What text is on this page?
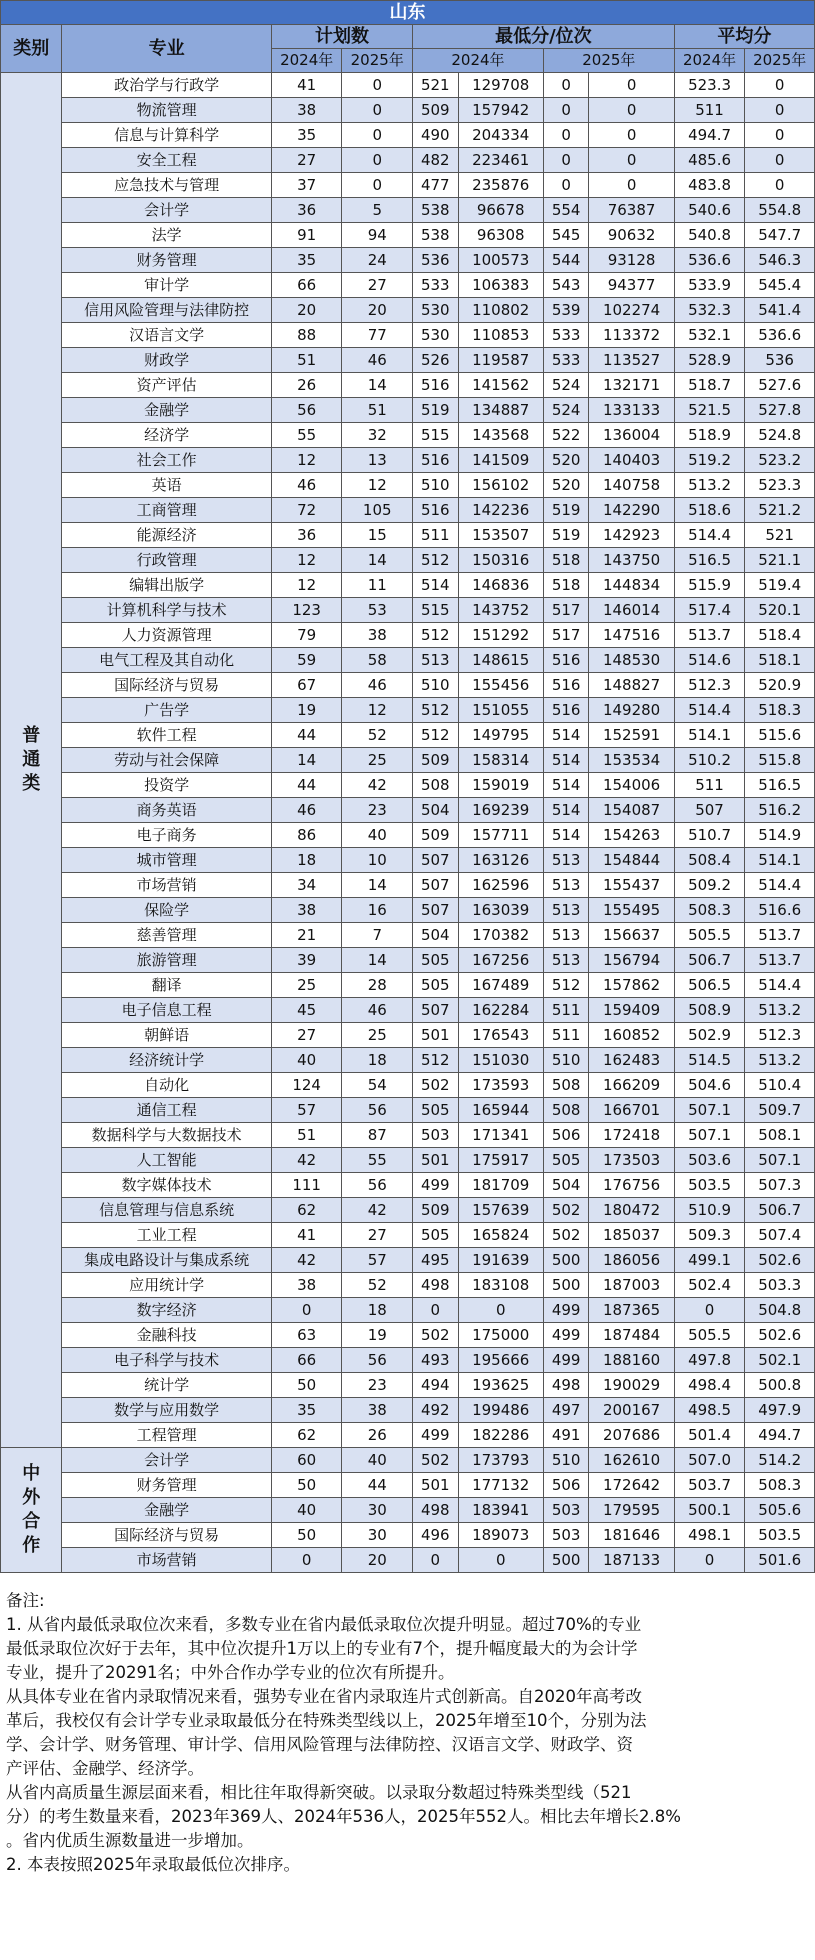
山东									
类别	专业	计划数		最低分/位次				平均分	
		2024年	2025年	2024年		2025年		2024年	2025年

普
通
类	政治学与行政学	41	0	521	129708	0	0	523.3	0
	物流管理	38	0	509	157942	0	0	511	0
	信息与计算科学	35	0	490	204334	0	0	494.7	0
	安全工程	27	0	482	223461	0	0	485.6	0
	应急技术与管理	37	0	477	235876	0	0	483.8	0
	会计学	36	5	538	96678	554	76387	540.6	554.8
	法学	91	94	538	96308	545	90632	540.8	547.7
	财务管理	35	24	536	100573	544	93128	536.6	546.3
	审计学	66	27	533	106383	543	94377	533.9	545.4
	信用风险管理与法律防控	20	20	530	110802	539	102274	532.3	541.4
	汉语言文学	88	77	530	110853	533	113372	532.1	536.6
	财政学	51	46	526	119587	533	113527	528.9	536
	资产评估	26	14	516	141562	524	132171	518.7	527.6
	金融学	56	51	519	134887	524	133133	521.5	527.8
	经济学	55	32	515	143568	522	136004	518.9	524.8
	社会工作	12	13	516	141509	520	140403	519.2	523.2
	英语	46	12	510	156102	520	140758	513.2	523.3
	工商管理	72	105	516	142236	519	142290	518.6	521.2
	能源经济	36	15	511	153507	519	142923	514.4	521
	行政管理	12	14	512	150316	518	143750	516.5	521.1
	编辑出版学	12	11	514	146836	518	144834	515.9	519.4
	计算机科学与技术	123	53	515	143752	517	146014	517.4	520.1
	人力资源管理	79	38	512	151292	517	147516	513.7	518.4
	电气工程及其自动化	59	58	513	148615	516	148530	514.6	518.1
	国际经济与贸易	67	46	510	155456	516	148827	512.3	520.9
	广告学	19	12	512	151055	516	149280	514.4	518.3
	软件工程	44	52	512	149795	514	152591	514.1	515.6
	劳动与社会保障	14	25	509	158314	514	153534	510.2	515.8
	投资学	44	42	508	159019	514	154006	511	516.5
	商务英语	46	23	504	169239	514	154087	507	516.2
	电子商务	86	40	509	157711	514	154263	510.7	514.9
	城市管理	18	10	507	163126	513	154844	508.4	514.1
	市场营销	34	14	507	162596	513	155437	509.2	514.4
	保险学	38	16	507	163039	513	155495	508.3	516.6
	慈善管理	21	7	504	170382	513	156637	505.5	513.7
	旅游管理	39	14	505	167256	513	156794	506.7	513.7
	翻译	25	28	505	167489	512	157862	506.5	514.4
	电子信息工程	45	46	507	162284	511	159409	508.9	513.2
	朝鲜语	27	25	501	176543	511	160852	502.9	512.3
	经济统计学	40	18	512	151030	510	162483	514.5	513.2
	自动化	124	54	502	173593	508	166209	504.6	510.4
	通信工程	57	56	505	165944	508	166701	507.1	509.7
	数据科学与大数据技术	51	87	503	171341	506	172418	507.1	508.1
	人工智能	42	55	501	175917	505	173503	503.6	507.1
	数字媒体技术	111	56	499	181709	504	176756	503.5	507.3
	信息管理与信息系统	62	42	509	157639	502	180472	510.9	506.7
	工业工程	41	27	505	165824	502	185037	509.3	507.4
	集成电路设计与集成系统	42	57	495	191639	500	186056	499.1	502.6
	应用统计学	38	52	498	183108	500	187003	502.4	503.3
	数字经济	0	18	0	0	499	187365	0	504.8
	金融科技	63	19	502	175000	499	187484	505.5	502.6
	电子科学与技术	66	56	493	195666	499	188160	497.8	502.1
	统计学	50	23	494	193625	498	190029	498.4	500.8
	数学与应用数学	35	38	492	199486	497	200167	498.5	497.9
	工程管理	62	26	499	182286	491	207686	501.4	494.7

中
外
合
作	会计学	60	40	502	173793	510	162610	507.0	514.2
	财务管理	50	44	501	177132	506	172642	503.7	508.3
	金融学	40	30	498	183941	503	179595	500.1	505.6
	国际经济与贸易	50	30	496	189073	503	181646	498.1	503.5
	市场营销	0	20	0	0	500	187133	0	501.6

备注:

1. 从省内最低录取位次来看，多数专业在省内最低录取位次提升明显。超过70%的专业

最低录取位次好于去年，其中位次提升1万以上的专业有7个，提升幅度最大的为会计学

专业，提升了20291名；中外合作办学专业的位次有所提升。

从具体专业在省内录取情况来看，强势专业在省内录取连片式创新高。自2020年高考改

革后，我校仅有会计学专业录取最低分在特殊类型线以上，2025年增至10个，分别为法

学、会计学、财务管理、审计学、信用风险管理与法律防控、汉语言文学、财政学、资

产评估、金融学、经济学。

从省内高质量生源层面来看，相比往年取得新突破。以录取分数超过特殊类型线（521

分）的考生数量来看，2023年369人、2024年536人，2025年552人。相比去年增长2.8%

。省内优质生源数量进一步增加。

2. 本表按照2025年录取最低位次排序。
